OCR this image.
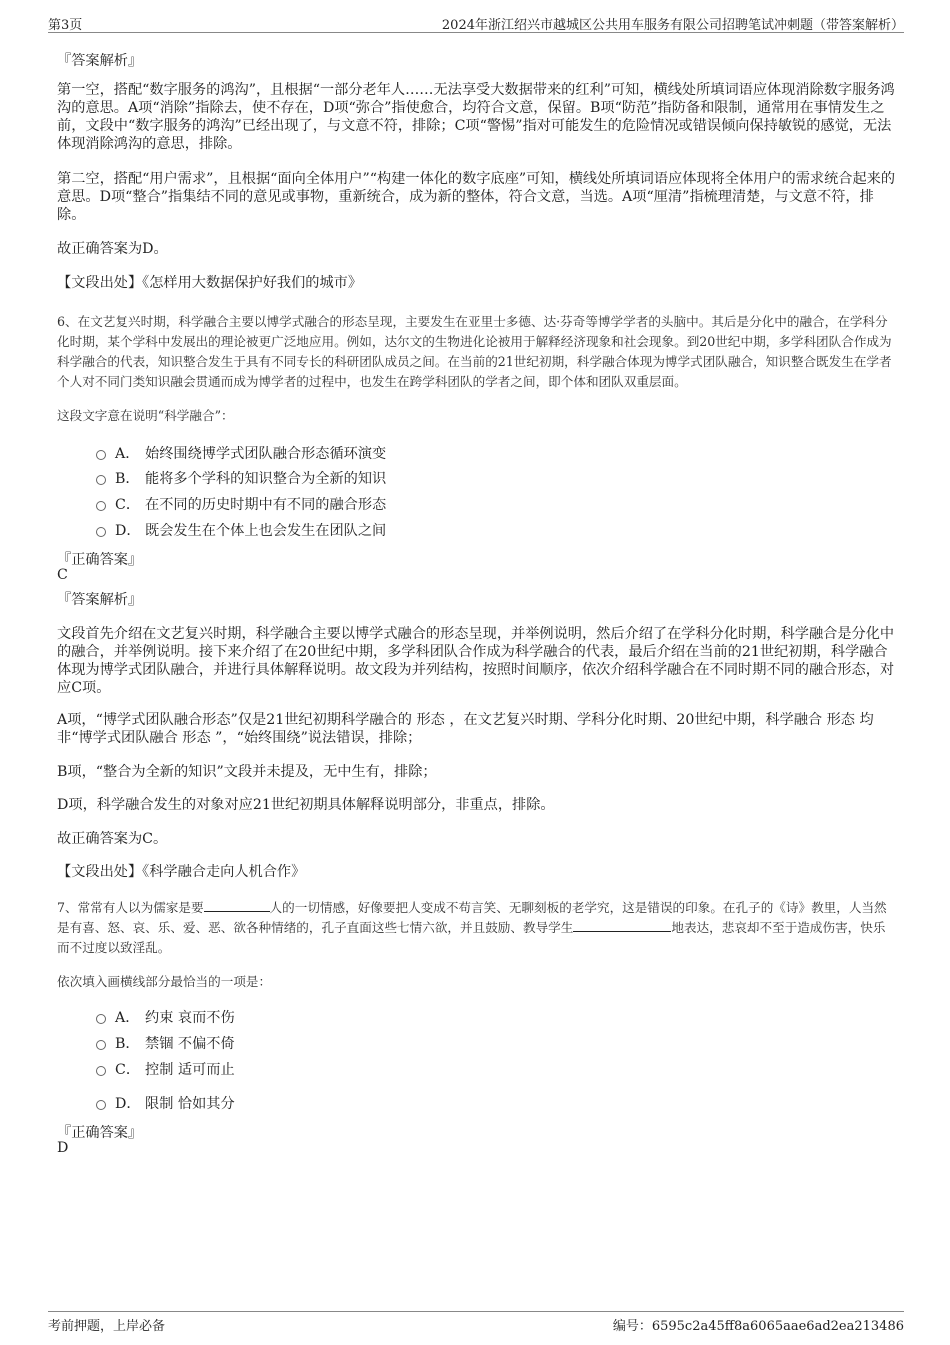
第3页	2024年浙江绍兴市越城区公共用车服务有限公司招聘笔试冲刺题（带答案解析）
『答案解析』
第一空，搭配“数字服务的鸿沟”，且根据“一部分老年人……无法享受大数据带来的红利”可知，横线处所填词语应体现消除数字服务鸿沟的意思。A项“消除”指除去，使不存在，D项“弥合”指使愈合，均符合文意，保留。B项“防范”指防备和限制，通常用在事情发生之前，文段中“数字服务的鸿沟”已经出现了，与文意不符，排除；C项“警惕”指对可能发生的危险情况或错误倾向保持敏锐的感觉，无法体现消除鸿沟的意思，排除。
第二空，搭配“用户需求”，且根据“面向全体用户”“构建一体化的数字底座”可知，横线处所填词语应体现将全体用户的需求统合起来的意思。D项“整合”指集结不同的意见或事物，重新统合，成为新的整体，符合文意，当选。A项“厘清”指梳理清楚，与文意不符，排除。
故正确答案为D。
【文段出处】《怎样用大数据保护好我们的城市》
6、在文艺复兴时期，科学融合主要以博学式融合的形态呈现，主要发生在亚里士多德、达·芬奇等博学学者的头脑中。其后是分化中的融合，在学科分化时期，某个学科中发展出的理论被更广泛地应用。例如，达尔文的生物进化论被用于解释经济现象和社会现象。到20世纪中期，多学科团队合作成为科学融合的代表，知识整合发生于具有不同专长的科研团队成员之间。在当前的21世纪初期，科学融合体现为博学式团队融合，知识整合既发生在学者个人对不同门类知识融会贯通而成为博学者的过程中，也发生在跨学科团队的学者之间，即个体和团队双重层面。
这段文字意在说明“科学融合”：
A． 始终围绕博学式团队融合形态循环演变
B． 能将多个学科的知识整合为全新的知识
C． 在不同的历史时期中有不同的融合形态
D． 既会发生在个体上也会发生在团队之间
『正确答案』
C
『答案解析』
文段首先介绍在文艺复兴时期，科学融合主要以博学式融合的形态呈现，并举例说明，然后介绍了在学科分化时期，科学融合是分化中的融合，并举例说明。接下来介绍了在20世纪中期，多学科团队合作成为科学融合的代表，最后介绍在当前的21世纪初期，科学融合体现为博学式团队融合，并进行具体解释说明。故文段为并列结构，按照时间顺序，依次介绍科学融合在不同时期不同的融合形态，对应C项。
A项，“博学式团队融合形态”仅是21世纪初期科学融合的 形态 ，在文艺复兴时期、学科分化时期、20世纪中期，科学融合 形态 均非“博学式团队融合 形态 ”，“始终围绕”说法错误，排除；
B项，“整合为全新的知识”文段并未提及，无中生有，排除；
D项，科学融合发生的对象对应21世纪初期具体解释说明部分，非重点，排除。
故正确答案为C。
【文段出处】《科学融合走向人机合作》
7、常常有人以为儒家是要	人的一切情感，好像要把人变成不苟言笑、无聊刻板的老学究，这是错误的印象。在孔子的《诗》教里，人当然是有喜、怒、哀、乐、爱、恶、欲各种情绪的，孔子直面这些七情六欲，并且鼓励、教导学生	地表达，悲哀却不至于造成伤害，快乐而不过度以致淫乱。
依次填入画横线部分最恰当的一项是：
A． 约束 哀而不伤
B． 禁锢 不偏不倚
C． 控制 适可而止
D． 限制 恰如其分
『正确答案』
D
考前押题，上岸必备	编号：6595c2a45ff8a6065aae6ad2ea213486
